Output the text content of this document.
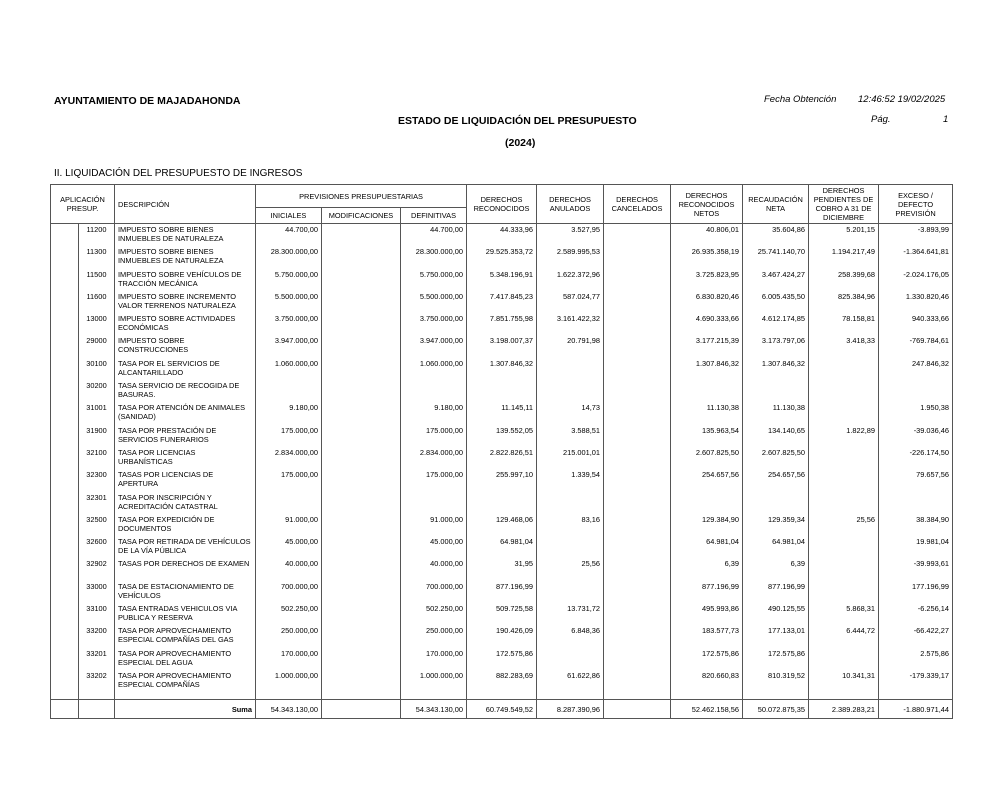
AYUNTAMIENTO DE MAJADAHONDA	Fecha Obtención 12:46:52 19/02/2025
ESTADO DE LIQUIDACIÓN DEL PRESUPUESTO	Pág.	1
(2024)
II. LIQUIDACIÓN DEL PRESUPUESTO DE INGRESOS
APLICACIÓN PRESUP.		DESCRIPCIÓN	PREVISIONES PRESUPUESTARIAS			DERECHOS RECONOCIDOS	DERECHOS ANULADOS	DERECHOS CANCELADOS	DERECHOS RECONOCIDOS NETOS	RECAUDACIÓN NETA	DERECHOS PENDIENTES DE COBRO A 31 DE DICIEMBRE	EXCESO / DEFECTO PREVISIÓN
			INICIALES	MODIFICACIONES	DEFINITIVAS							
	11200	IMPUESTO SOBRE BIENES INMUEBLES DE NATURALEZA	44.700,00		44.700,00	44.333,96	3.527,95		40.806,01	35.604,86	5.201,15	-3.893,99
	11300	IMPUESTO SOBRE BIENES INMUEBLES DE NATURALEZA	28.300.000,00		28.300.000,00	29.525.353,72	2.589.995,53		26.935.358,19	25.741.140,70	1.194.217,49	-1.364.641,81
	11500	IMPUESTO SOBRE VEHÍCULOS DE TRACCIÓN MECÁNICA	5.750.000,00		5.750.000,00	5.348.196,91	1.622.372,96		3.725.823,95	3.467.424,27	258.399,68	-2.024.176,05
	11600	IMPUESTO SOBRE INCREMENTO VALOR TERRENOS NATURALEZA	5.500.000,00		5.500.000,00	7.417.845,23	587.024,77		6.830.820,46	6.005.435,50	825.384,96	1.330.820,46
	13000	IMPUESTO SOBRE ACTIVIDADES ECONÓMICAS	3.750.000,00		3.750.000,00	7.851.755,98	3.161.422,32		4.690.333,66	4.612.174,85	78.158,81	940.333,66
	29000	IMPUESTO SOBRE CONSTRUCCIONES	3.947.000,00		3.947.000,00	3.198.007,37	20.791,98		3.177.215,39	3.173.797,06	3.418,33	-769.784,61
	30100	TASA POR EL SERVICIOS DE ALCANTARILLADO	1.060.000,00		1.060.000,00	1.307.846,32			1.307.846,32	1.307.846,32		247.846,32
	30200	TASA SERVICIO DE RECOGIDA DE BASURAS.										
	31001	TASA POR ATENCIÓN DE ANIMALES (SANIDAD)	9.180,00		9.180,00	11.145,11	14,73		11.130,38	11.130,38		1.950,38
	31900	TASA POR PRESTACIÓN DE SERVICIOS FUNERARIOS	175.000,00		175.000,00	139.552,05	3.588,51		135.963,54	134.140,65	1.822,89	-39.036,46
	32100	TASA POR LICENCIAS URBANÍSTICAS	2.834.000,00		2.834.000,00	2.822.826,51	215.001,01		2.607.825,50	2.607.825,50		-226.174,50
	32300	TASAS POR LICENCIAS DE APERTURA	175.000,00		175.000,00	255.997,10	1.339,54		254.657,56	254.657,56		79.657,56
	32301	TASA POR INSCRIPCIÓN Y ACREDITACIÓN CATASTRAL										
	32500	TASA POR EXPEDICIÓN DE DOCUMENTOS	91.000,00		91.000,00	129.468,06	83,16		129.384,90	129.359,34	25,56	38.384,90
	32600	TASA POR RETIRADA DE VEHÍCULOS DE LA VÍA PÚBLICA	45.000,00		45.000,00	64.981,04			64.981,04	64.981,04		19.981,04
	32902	TASAS POR DERECHOS DE EXAMEN	40.000,00		40.000,00	31,95	25,56		6,39	6,39		-39.993,61
	33000	TASA DE ESTACIONAMIENTO DE VEHÍCULOS	700.000,00		700.000,00	877.196,99			877.196,99	877.196,99		177.196,99
	33100	TASA ENTRADAS VEHICULOS VIA PUBLICA Y RESERVA	502.250,00		502.250,00	509.725,58	13.731,72		495.993,86	490.125,55	5.868,31	-6.256,14
	33200	TASA POR APROVECHAMIENTO ESPECIAL COMPAÑÍAS DEL GAS	250.000,00		250.000,00	190.426,09	6.848,36		183.577,73	177.133,01	6.444,72	-66.422,27
	33201	TASA POR APROVECHAMIENTO ESPECIAL DEL AGUA	170.000,00		170.000,00	172.575,86			172.575,86	172.575,86		2.575,86
	33202	TASA POR APROVECHAMIENTO ESPECIAL COMPAÑÍAS	1.000.000,00		1.000.000,00	882.283,69	61.622,86		820.660,83	810.319,52	10.341,31	-179.339,17

		Suma	54.343.130,00		54.343.130,00	60.749.549,52	8.287.390,96		52.462.158,56	50.072.875,35	2.389.283,21	-1.880.971,44
